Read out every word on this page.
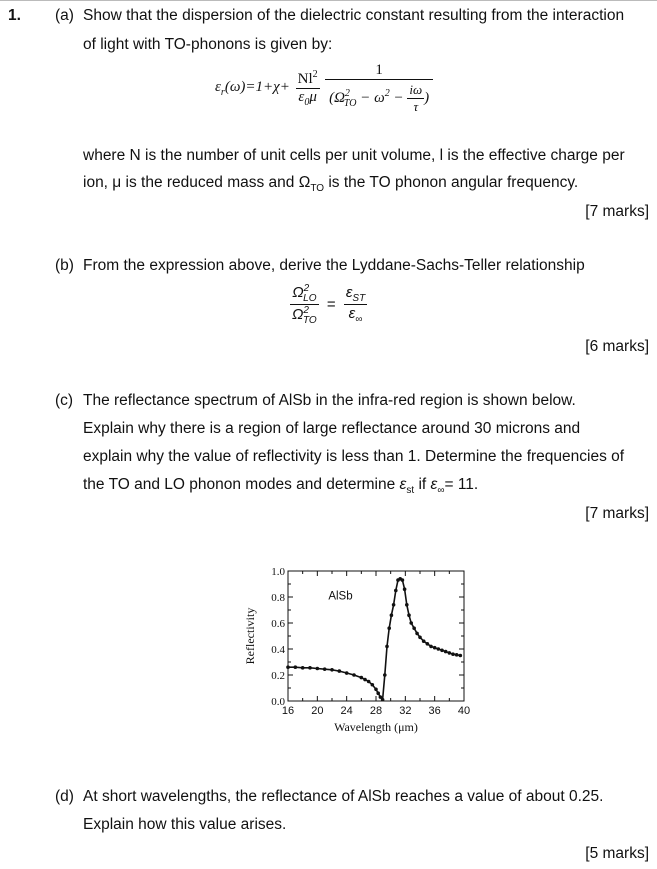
1. (a) Show that the dispersion of the dielectric constant resulting from the interaction
of light with TO-phonons is given by:
$\varepsilon_r(\omega)=1+\chi+ \frac{Nl^2}{\varepsilon_0\mu}$
$\frac{1}{(\Omega^2_{TO} - \omega^2 - \frac{i\omega}{\tau} )}$
where N is the number of unit cells per unit volume, l is the effective charge per
ion, μ is the reduced mass and $\Omega_{TO}$ is the TO phonon angular frequency.
[7 marks]
(b) From the expression above, derive the Lyddane-Sachs-Teller relationship
$\frac{\Omega^2_{LO}}{\Omega^2_{TO}} = \frac{\varepsilon_{ST}}{\varepsilon_\infty}$
[6 marks]
(c) The reflectance spectrum of AlSb in the infra-red region is shown below.
Explain why there is a region of large reflectance around 30 microns and
explain why the value of reflectivity is less than 1. Determine the frequencies of
the TO and LO phonon modes and determine $\varepsilon_{st}$ if $\varepsilon_\infty= 11$.
[7 marks]
16 20 24 28 32 36 40
0.0
0.2
0.4
0.6
0.8
1.0
Wavelength (μm)
Reflectivity
AlSb
(d) At short wavelengths, the reflectance of AlSb reaches a value of about 0.25.
Explain how this value arises.
[5 marks]
